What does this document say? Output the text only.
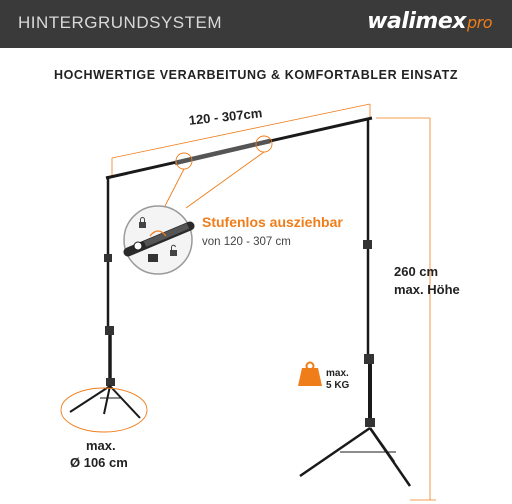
HINTERGRUNDSYSTEM	walimexpro
HOCHWERTIGE VERARBEITUNG & KOMFORTABLER EINSATZ
120 - 307cm
Stufenlos ausziehbar
von 120 - 307 cm
260 cm
max. Höhe
max.
5 KG
max.
Ø 106 cm
